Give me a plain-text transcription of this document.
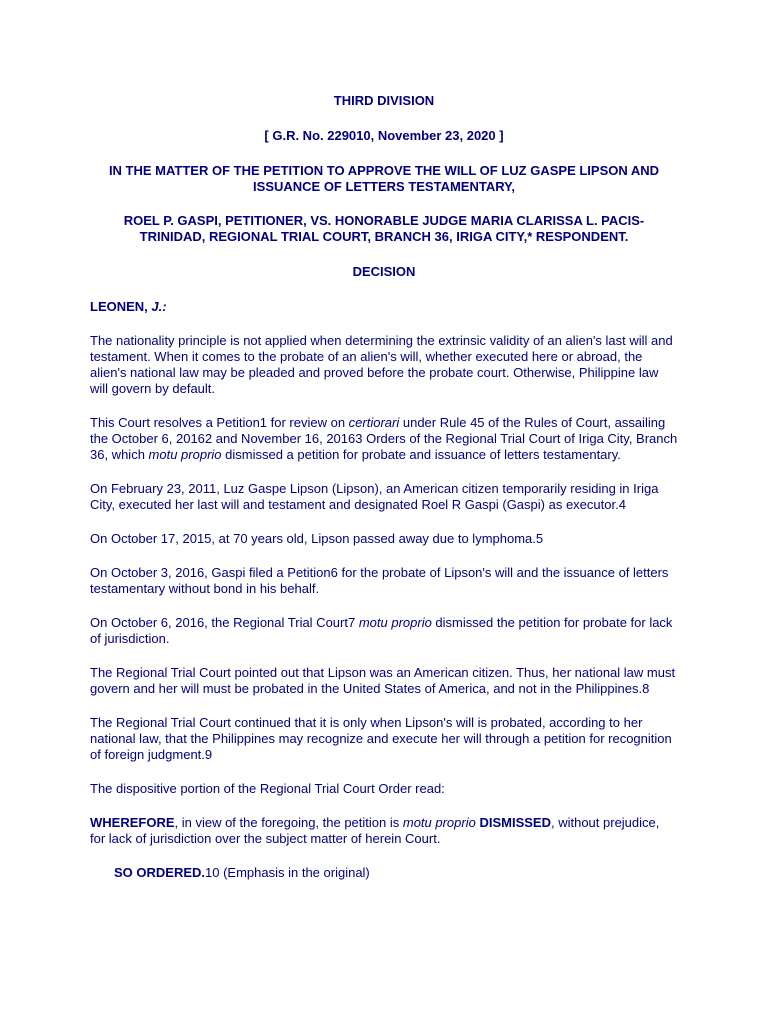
THIRD DIVISION
[ G.R. No. 229010, November 23, 2020 ]
IN THE MATTER OF THE PETITION TO APPROVE THE WILL OF LUZ GASPE LIPSON AND
ISSUANCE OF LETTERS TESTAMENTARY,
ROEL P. GASPI, PETITIONER, VS. HONORABLE JUDGE MARIA CLARISSA L. PACIS-
TRINIDAD, REGIONAL TRIAL COURT, BRANCH 36, IRIGA CITY,* RESPONDENT.
DECISION
LEONEN, J.:

The nationality principle is not applied when determining the extrinsic validity of an alien's last will and testament. When it comes to the probate of an alien's will, whether executed here or abroad, the alien's national law may be pleaded and proved before the probate court. Otherwise, Philippine law will govern by default.

This Court resolves a Petition1 for review on certiorari under Rule 45 of the Rules of Court, assailing the October 6, 20162 and November 16, 20163 Orders of the Regional Trial Court of Iriga City, Branch 36, which motu proprio dismissed a petition for probate and issuance of letters testamentary.

On February 23, 2011, Luz Gaspe Lipson (Lipson), an American citizen temporarily residing in Iriga City, executed her last will and testament and designated Roel R Gaspi (Gaspi) as executor.4

On October 17, 2015, at 70 years old, Lipson passed away due to lymphoma.5

On October 3, 2016, Gaspi filed a Petition6 for the probate of Lipson's will and the issuance of letters testamentary without bond in his behalf.

On October 6, 2016, the Regional Trial Court7 motu proprio dismissed the petition for probate for lack of jurisdiction.

The Regional Trial Court pointed out that Lipson was an American citizen. Thus, her national law must govern and her will must be probated in the United States of America, and not in the Philippines.8

The Regional Trial Court continued that it is only when Lipson's will is probated, according to her national law, that the Philippines may recognize and execute her will through a petition for recognition of foreign judgment.9

The dispositive portion of the Regional Trial Court Order read:

WHEREFORE, in view of the foregoing, the petition is motu proprio DISMISSED, without prejudice, for lack of jurisdiction over the subject matter of herein Court.

SO ORDERED.10 (Emphasis in the original)
